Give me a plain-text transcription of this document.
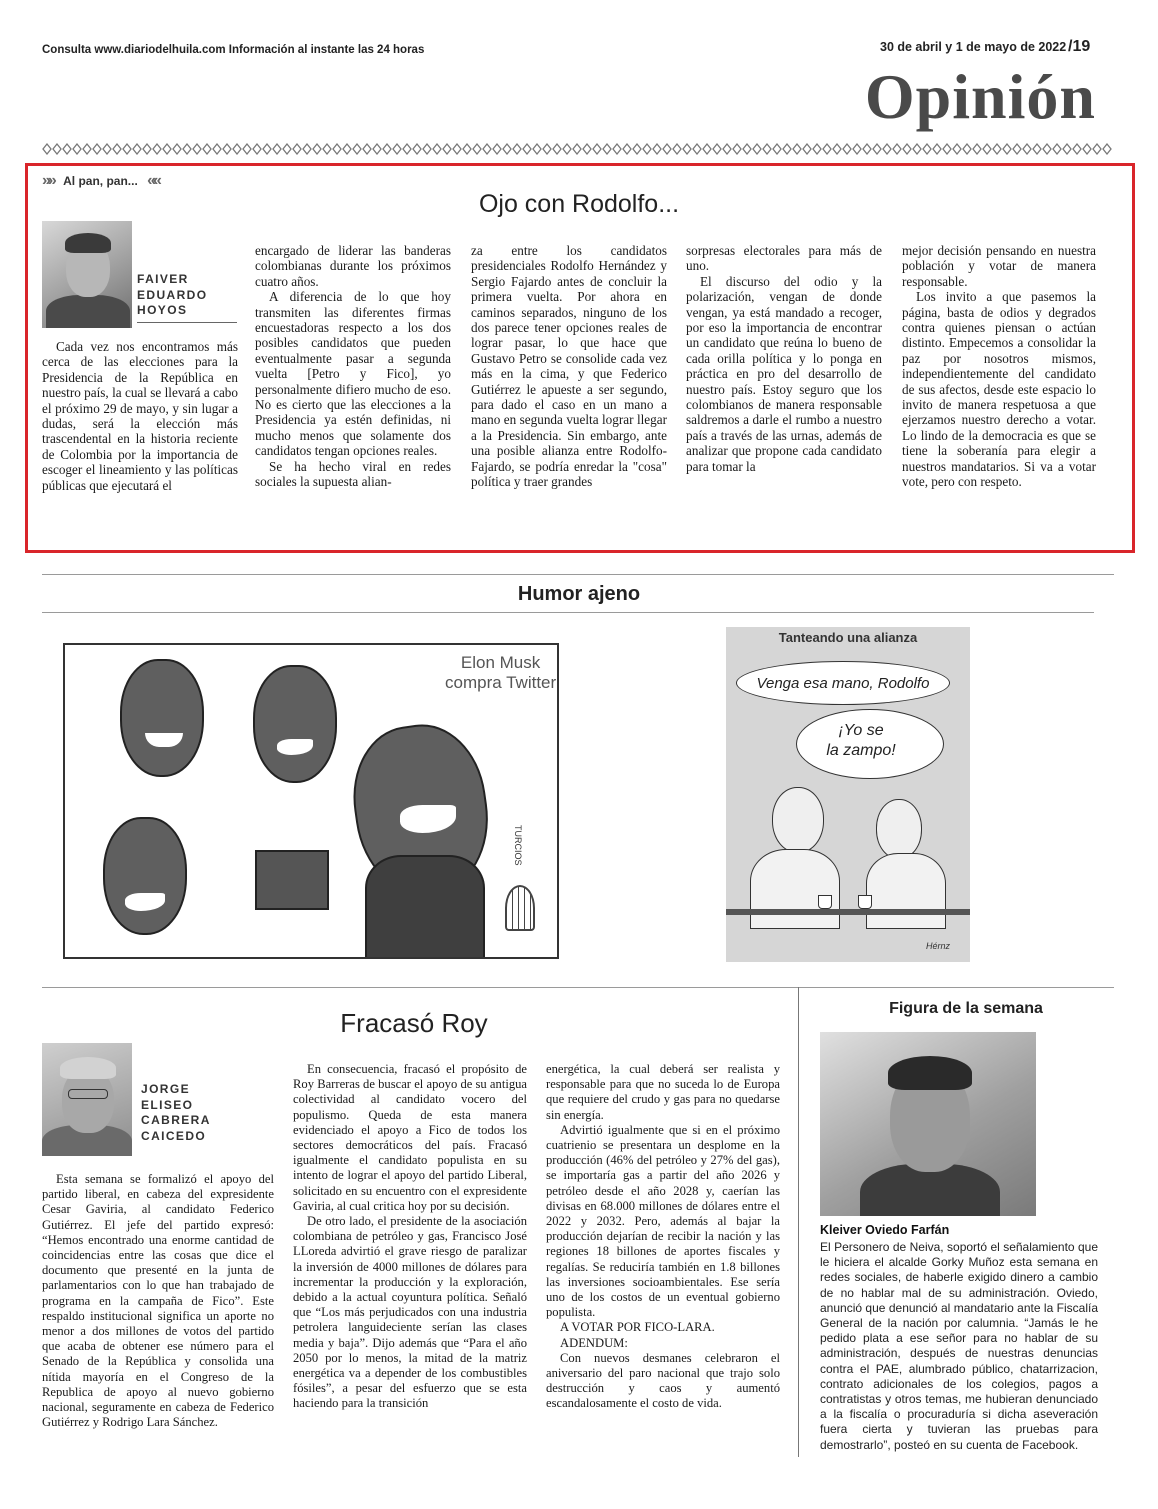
Consulta www.diariodelhuila.com Información al instante las 24 horas	30 de abril y 1 de mayo de 2022 /19
Opinión
»» Al pan, pan... ««
Ojo con Rodolfo...
FAIVER
EDUARDO
HOYOS

Cada vez nos encontramos más cerca de las elecciones para la Presidencia de la República en nuestro país, la cual se llevará a cabo el próximo 29 de mayo, y sin lugar a dudas, será la elección más trascendental en la historia reciente de Colombia por la importancia de escoger el lineamiento y las políticas públicas que ejecutará el

encargado de liderar las banderas colombianas durante los próximos cuatro años.

A diferencia de lo que hoy transmiten las diferentes firmas encuestadoras respecto a los dos posibles candidatos que pueden eventualmente pasar a segunda vuelta [Petro y Fico], yo personalmente difiero mucho de eso. No es cierto que las elecciones a la Presidencia ya estén definidas, ni mucho menos que solamente dos candidatos tengan opciones reales.

Se ha hecho viral en redes sociales la supuesta alian-

za entre los candidatos presidenciales Rodolfo Hernández y Sergio Fajardo antes de concluir la primera vuelta. Por ahora en caminos separados, ninguno de los dos parece tener opciones reales de lograr pasar, lo que hace que Gustavo Petro se consolide cada vez más en la cima, y que Federico Gutiérrez le apueste a ser segundo, para dado el caso en un mano a mano en segunda vuelta lograr llegar a la Presidencia. Sin embargo, ante una posible alianza entre Rodolfo-Fajardo, se podría enredar la "cosa" política y traer grandes

sorpresas electorales para más de uno.

El discurso del odio y la polarización, vengan de donde vengan, ya está mandado a recoger, por eso la importancia de encontrar un candidato que reúna lo bueno de cada orilla política y lo ponga en práctica en pro del desarrollo de nuestro país. Estoy seguro que los colombianos de manera responsable saldremos a darle el rumbo a nuestro país a través de las urnas, además de analizar que propone cada candidato para tomar la

mejor decisión pensando en nuestra población y votar de manera responsable.

Los invito a que pasemos la página, basta de odios y degrados contra quienes piensan o actúan distinto. Empecemos a consolidar la paz por nosotros mismos, independientemente del candidato de sus afectos, desde este espacio lo invito de manera respetuosa a que ejerzamos nuestro derecho a votar. Lo lindo de la democracia es que se tiene la soberanía para elegir a nuestros mandatarios. Si va a votar vote, pero con respeto.

Humor ajeno
Elon Musk
compra Twitter
TURCIOS
Tanteando una alianza
Venga esa mano, Rodolfo
¡Yo se
la zampo!
Hérnz
Fracasó Roy
JORGE
ELISEO
CABRERA
CAICEDO

Esta semana se formalizó el apoyo del partido liberal, en cabeza del expresidente Cesar Gaviria, al candidato Federico Gutiérrez. El jefe del partido expresó: “Hemos encontrado una enorme cantidad de coincidencias entre las cosas que dice el documento que presenté en la junta de parlamentarios con lo que han trabajado de programa en la campaña de Fico”. Este respaldo institucional significa un aporte no menor a dos millones de votos del partido que acaba de obtener ese número para el Senado de la República y consolida una nítida mayoría en el Congreso de la Republica de apoyo al nuevo gobierno nacional, seguramente en cabeza de Federico Gutiérrez y Rodrigo Lara Sánchez.

En consecuencia, fracasó el propósito de Roy Barreras de buscar el apoyo de su antigua colectividad al candidato vocero del populismo. Queda de esta manera evidenciado el apoyo a Fico de todos los sectores democráticos del país. Fracasó igualmente el candidato populista en su intento de lograr el apoyo del partido Liberal, solicitado en su encuentro con el expresidente Gaviria, al cual critica hoy por su decisión.

De otro lado, el presidente de la asociación colombiana de petróleo y gas, Francisco José LLoreda advirtió el grave riesgo de paralizar la inversión de 4000 millones de dólares para incrementar la producción y la exploración, debido a la actual coyuntura política. Señaló que “Los más perjudicados con una industria petrolera languideciente serían las clases media y baja”. Dijo además que “Para el año 2050 por lo menos, la mitad de la matriz energética va a depender de los combustibles fósiles”, a pesar del esfuerzo que se esta haciendo para la transición

energética, la cual deberá ser realista y responsable para que no suceda lo de Europa que requiere del crudo y gas para no quedarse sin energía.

Advirtió igualmente que si en el próximo cuatrienio se presentara un desplome en la producción (46% del petróleo y 27% del gas), se importaría gas a partir del año 2026 y petróleo desde el año 2028 y, caerían las divisas en 68.000 millones de dólares entre el 2022 y 2032. Pero, además al bajar la producción dejarían de recibir la nación y las regiones 18 billones de aportes fiscales y regalías. Se reduciría también en 1.8 billones las inversiones socioambientales. Ese sería uno de los costos de un eventual gobierno populista.

A VOTAR POR FICO-LARA.

ADENDUM:

Con nuevos desmanes celebraron el aniversario del paro nacional que trajo solo destrucción y caos y aumentó escandalosamente el costo de vida.

Figura de la semana
Kleiver Oviedo Farfán
El Personero de Neiva, soportó el señalamiento que le hiciera el alcalde Gorky Muñoz esta semana en redes sociales, de haberle exigido dinero a cambio de no hablar mal de su administración. Oviedo, anunció que denunció al mandatario ante la Fiscalía General de la nación por calumnia. “Jamás le he pedido plata a ese señor para no hablar de su administración, después de nuestras denuncias contra el PAE, alumbrado público, chatarrizacion, contrato adicionales de los colegios, pagos a contratistas y otros temas, me hubieran denunciado a la fiscalía o procuraduría si dicha aseveración fuera cierta y tuvieran las pruebas para demostrarlo”, posteó en su cuenta de Facebook.
